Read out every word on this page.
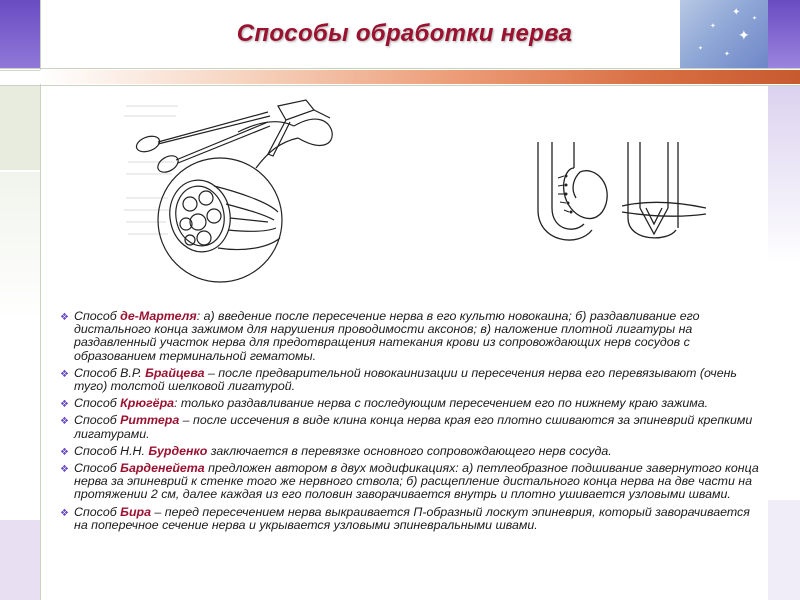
✦
✦
✦
✦
✦
✦
Способы обработки нерва
❖ Способ де-Мартеля: а) введение после пересечение нерва в его культю новокаина; б) раздавливание его дистального конца зажимом для нарушения проводимости аксонов; в) наложение плотной лигатуры на раздавленный участок нерва для предотвращения натекания крови из сопровождающих нерв сосудов с образованием терминальной гематомы.
❖ Способ В.Р. Брайцева – после предварительной новокаинизации и пересечения нерва его перевязывают (очень туго) толстой шелковой лигатурой.
❖ Способ Крюгёра: только раздавливание нерва с последующим пересечением его по нижнему краю зажима.
❖ Способ Риттера – после иссечения в виде клина конца нерва края его плотно сшиваются за эпиневрий крепкими лигатурами.
❖ Способ Н.Н. Бурденко заключается в перевязке основного сопровождающего нерв сосуда.
❖ Способ Барденейета предложен автором в двух модификациях: а) петлеобразное подшивание завернутого конца нерва за эпиневрий к стенке того же нервного ствола; б) расщепление дистального конца нерва на две части на протяжении 2 см, далее каждая из его половин заворачивается внутрь и плотно ушивается узловыми швами.
❖ Способ Бира – перед пересечением нерва выкраивается П-образный лоскут эпиневрия, который заворачивается на поперечное сечение нерва и укрывается узловыми эпиневральными швами.
